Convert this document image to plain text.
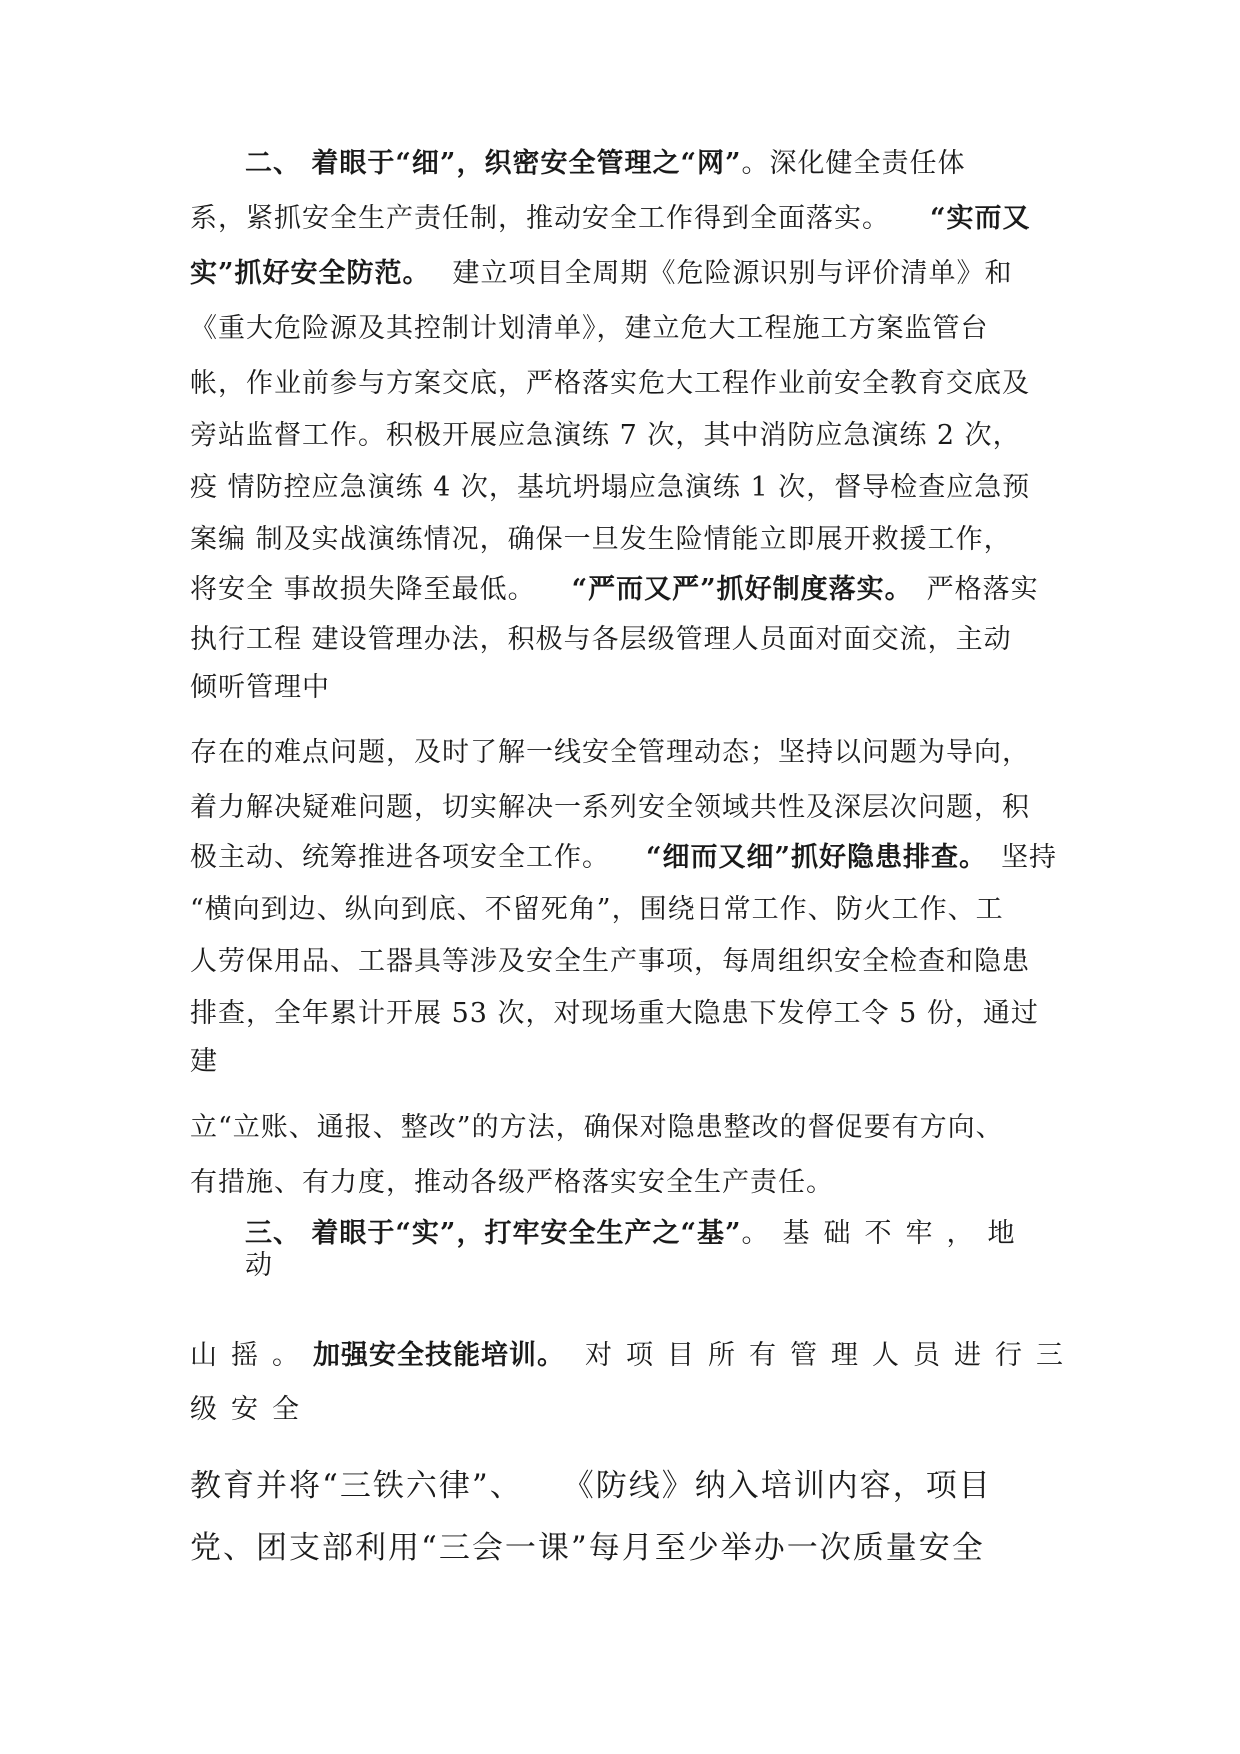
二、 着眼于“细”，织密安全管理之“网”。深化健全责任体
系，紧抓安全生产责任制，推动安全工作得到全面落实。 “实而又
实”抓好安全防范。 建立项目全周期《危险源识别与评价清单》和
《重大危险源及其控制计划清单》，建立危大工程施工方案监管台
帐，作业前参与方案交底，严格落实危大工程作业前安全教育交底及
旁站监督工作。积极开展应急演练 7 次，其中消防应急演练 2 次，
疫 情防控应急演练 4 次，基坑坍塌应急演练 1 次，督导检查应急预
案编 制及实战演练情况，确保一旦发生险情能立即展开救援工作，
将安全 事故损失降至最低。 “严而又严”抓好制度落实。 严格落实
执行工程 建设管理办法，积极与各层级管理人员面对面交流，主动
倾听管理中
存在的难点问题，及时了解一线安全管理动态；坚持以问题为导向，
着力解决疑难问题，切实解决一系列安全领域共性及深层次问题，积
极主动、统筹推进各项安全工作。 “细而又细”抓好隐患排查。 坚持
“横向到边、纵向到底、不留死角”，围绕日常工作、防火工作、工
人劳保用品、工器具等涉及安全生产事项，每周组织安全检查和隐患
排查，全年累计开展 53 次，对现场重大隐患下发停工令 5 份，通过
建
立“立账、通报、整改”的方法，确保对隐患整改的督促要有方向、
有措施、有力度，推动各级严格落实安全生产责任。
三、 着眼于“实”，打牢安全生产之“基”。基础不牢，地
动
山摇。加强安全技能培训。 对项目所有管理人员进行三
级安全
教育并将“三铁六律”、 《防线》纳入培训内容，项目
党、团支部利用“三会一课”每月至少举办一次质量安全
